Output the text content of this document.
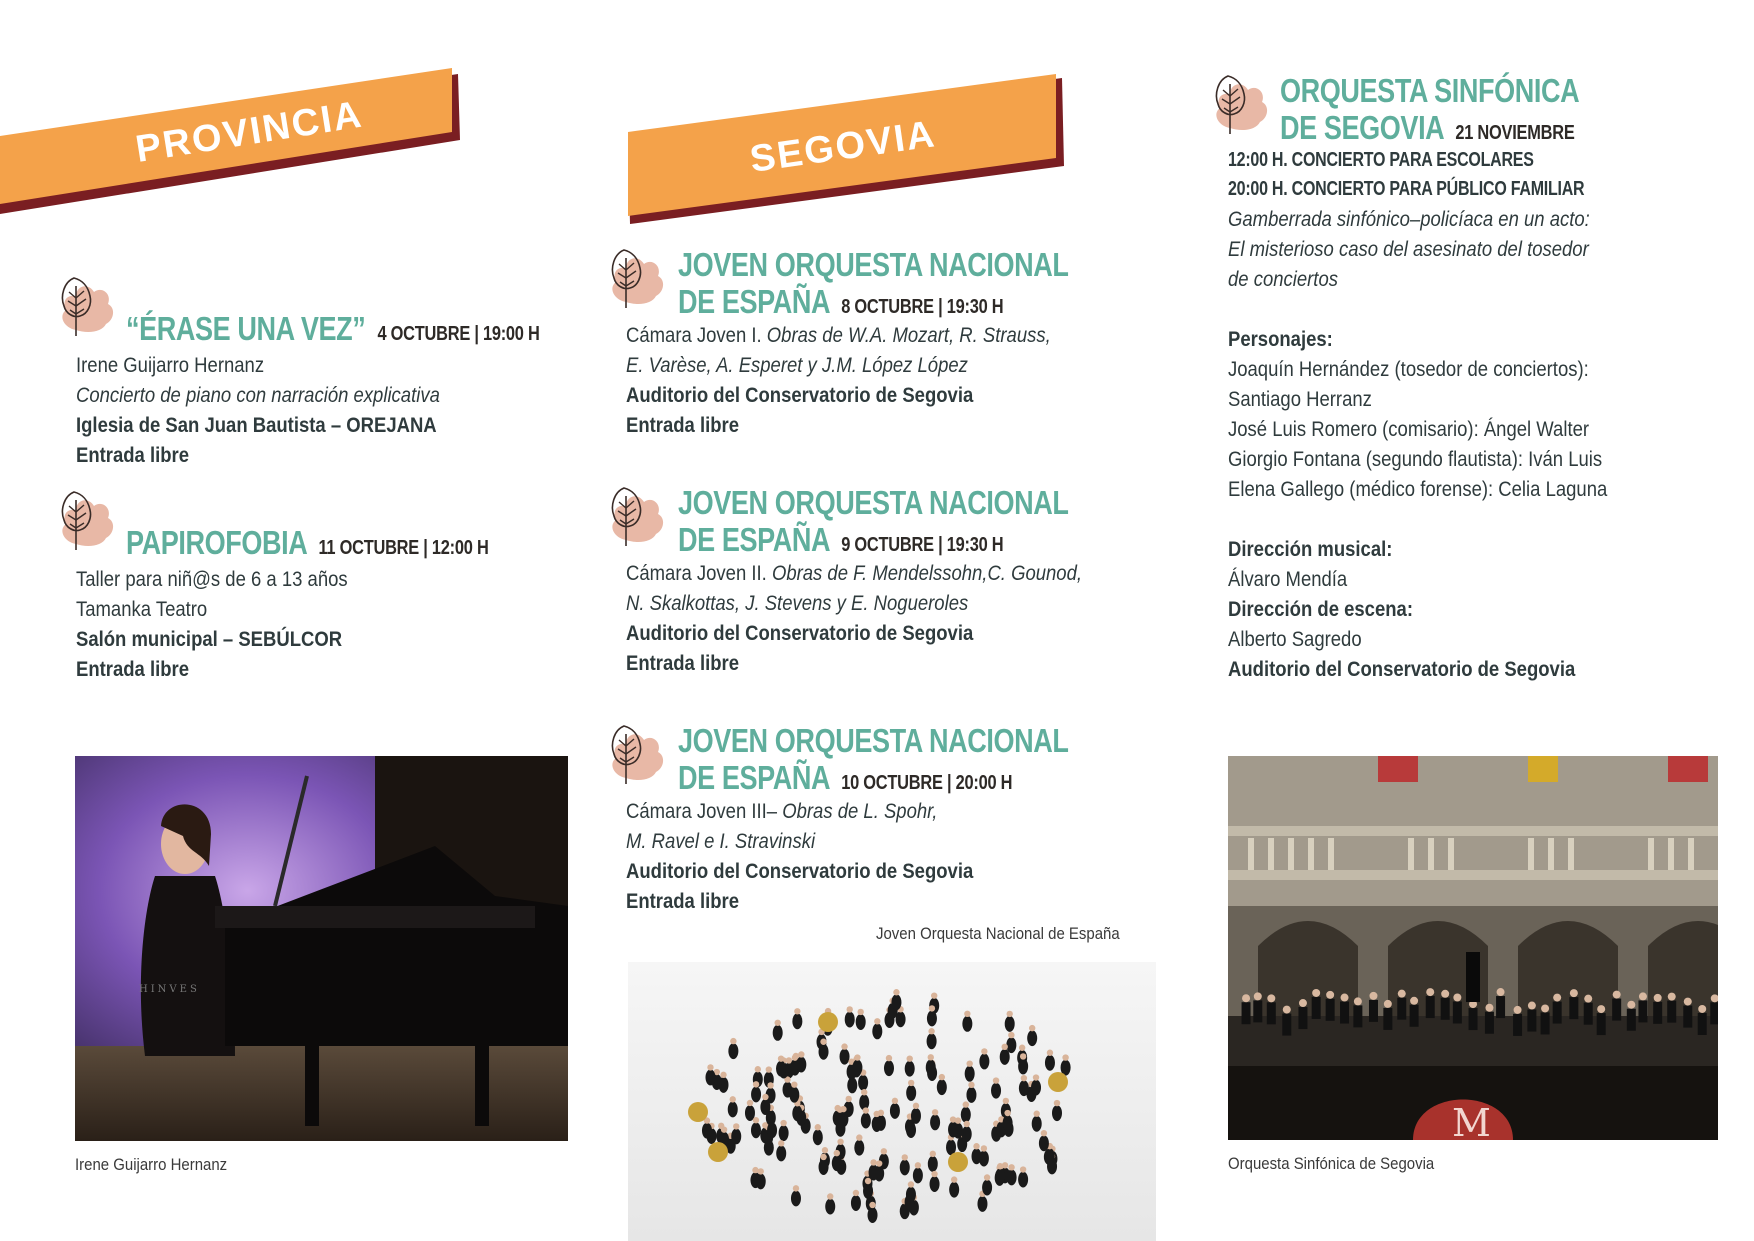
PROVINCIA	SEGOVIA
“ÉRASE UNA VEZ” 4 OCTUBRE | 19:00 H
Irene Guijarro Hernanz
Concierto de piano con narración explicativa
Iglesia de San Juan Bautista – OREJANA
Entrada libre
PAPIROFOBIA 11 OCTUBRE | 12:00 H
Taller para niñ@s de 6 a 13 años
Tamanka Teatro
Salón municipal – SEBÚLCOR
Entrada libre
HINVES
Irene Guijarro Hernanz
JOVEN ORQUESTA NACIONAL
DE ESPAÑA 8 OCTUBRE | 19:30 H
Cámara Joven I. Obras de W.A. Mozart, R. Strauss,
E. Varèse, A. Esperet y J.M. López López
Auditorio del Conservatorio de Segovia
Entrada libre
JOVEN ORQUESTA NACIONAL
DE ESPAÑA 9 OCTUBRE | 19:30 H
Cámara Joven II. Obras de F. Mendelssohn,C. Gounod,
N. Skalkottas, J. Stevens y E. Nogueroles
Auditorio del Conservatorio de Segovia
Entrada libre
JOVEN ORQUESTA NACIONAL
DE ESPAÑA 10 OCTUBRE | 20:00 H
Cámara Joven III– Obras de L. Spohr,
M. Ravel e I. Stravinski
Auditorio del Conservatorio de Segovia
Entrada libre
Joven Orquesta Nacional de España
ORQUESTA SINFÓNICA
DE SEGOVIA 21 NOVIEMBRE
12:00 H. CONCIERTO PARA ESCOLARES
20:00 H. CONCIERTO PARA PÚBLICO FAMILIAR
Gamberrada sinfónico–policíaca en un acto:
El misterioso caso del asesinato del tosedor
de conciertos
Personajes:
Joaquín Hernández (tosedor de conciertos):
Santiago Herranz
José Luis Romero (comisario): Ángel Walter
Giorgio Fontana (segundo flautista): Iván Luis
Elena Gallego (médico forense): Celia Laguna
Dirección musical:
Álvaro Mendía
Dirección de escena:
Alberto Sagredo
Auditorio del Conservatorio de Segovia
M
Orquesta Sinfónica de Segovia
